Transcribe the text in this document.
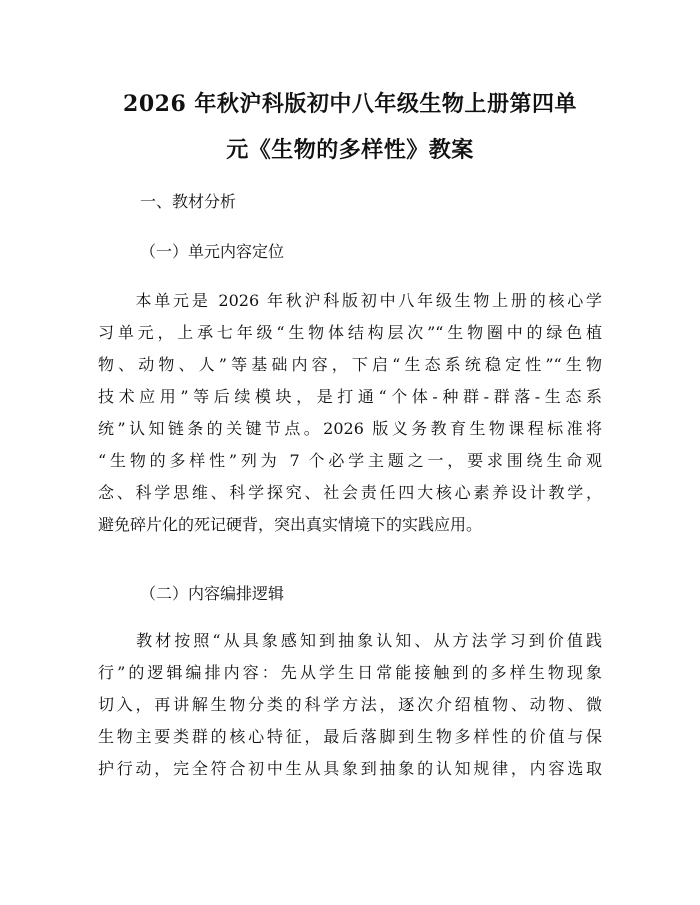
2026 年秋沪科版初中八年级生物上册第四单
元《生物的多样性》教案
一、教材分析
（一）单元内容定位
　　本单元是 2026 年秋沪科版初中八年级生物上册的核心学
习单元，上承七年级“生物体结构层次”“生物圈中的绿色植
物、动物、人”等基础内容，下启“生态系统稳定性”“生物
技术应用”等后续模块，是打通“个体-种群-群落-生态系
统”认知链条的关键节点。2026 版义务教育生物课程标准将
“生物的多样性”列为 7 个必学主题之一，要求围绕生命观
念、科学思维、科学探究、社会责任四大核心素养设计教学，
避免碎片化的死记硬背，突出真实情境下的实践应用。
（二）内容编排逻辑
　　教材按照“从具象感知到抽象认知、从方法学习到价值践
行”的逻辑编排内容：先从学生日常能接触到的多样生物现象
切入，再讲解生物分类的科学方法，逐次介绍植物、动物、微
生物主要类群的核心特征，最后落脚到生物多样性的价值与保
护行动，完全符合初中生从具象到抽象的认知规律，内容选取
